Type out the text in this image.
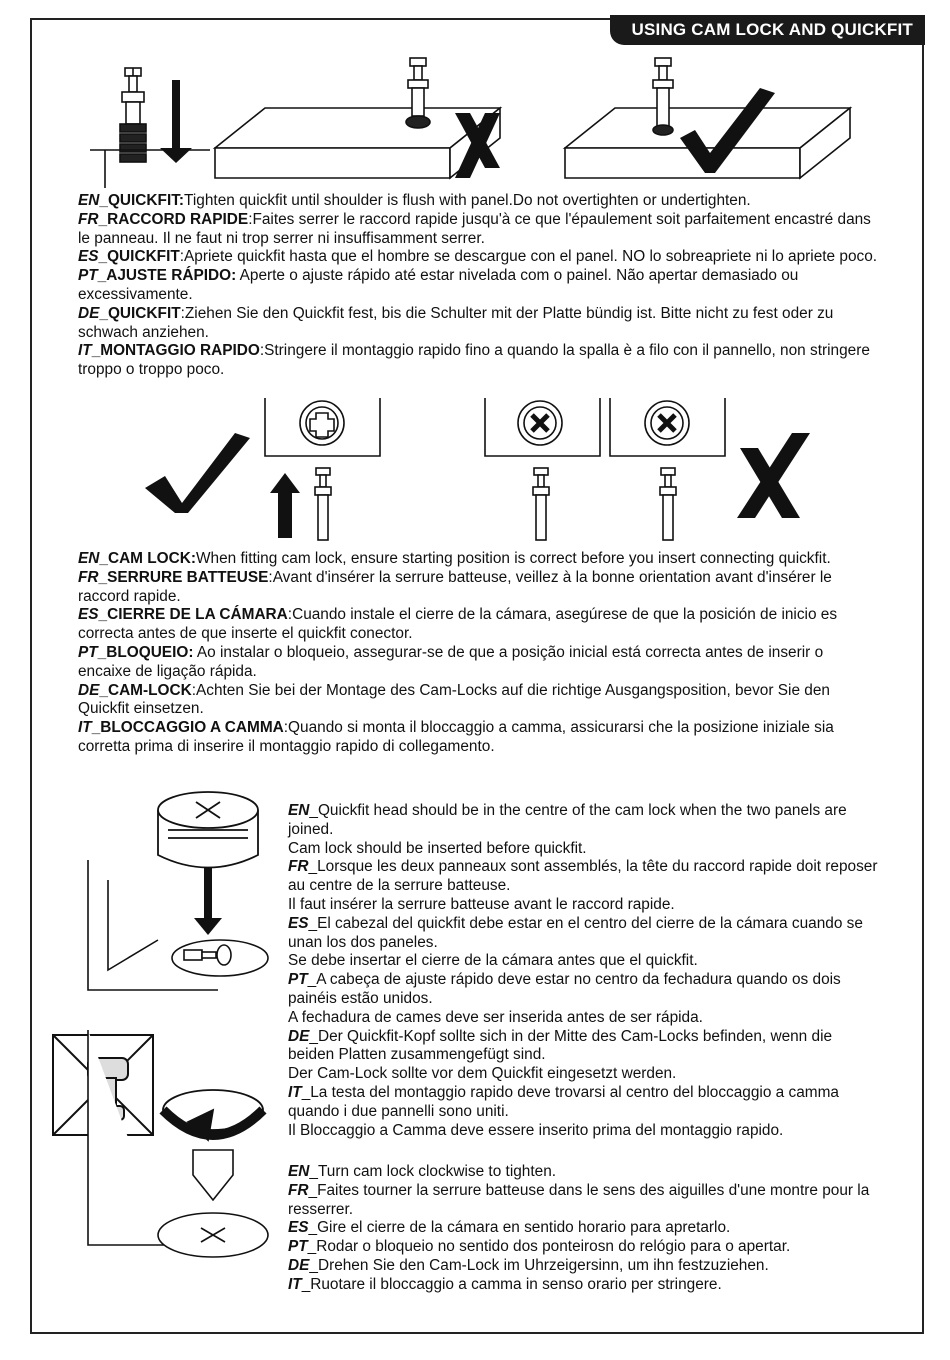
USING CAM LOCK AND QUICKFIT

EN_QUICKFIT:Tighten quickfit until shoulder is flush with panel.Do not overtighten or undertighten.

FR_RACCORD RAPIDE:Faites serrer le raccord rapide jusqu'à ce que l'épaulement soit parfaitement encastré dans le panneau. Il ne faut ni trop serrer ni insuffisamment serrer.

ES_QUICKFIT:Apriete quickfit hasta que el hombre se descargue con el panel. NO lo sobreapriete ni lo apriete poco.

PT_AJUSTE RÁPIDO: Aperte o ajuste rápido até estar nivelada com o painel. Não apertar demasiado ou excessivamente.

DE_QUICKFIT:Ziehen Sie den Quickfit fest, bis die Schulter mit der Platte bündig ist. Bitte nicht zu fest oder zu schwach anziehen.

IT_MONTAGGIO RAPIDO:Stringere il montaggio rapido fino a quando la spalla è a filo con il pannello, non stringere troppo o troppo poco.

EN_CAM LOCK:When fitting cam lock, ensure starting position is correct before you insert connecting quickfit.

FR_SERRURE BATTEUSE:Avant d'insérer la serrure batteuse, veillez à la bonne orientation avant d'insérer le raccord rapide.

ES_CIERRE DE LA CÁMARA:Cuando instale el cierre de la cámara, asegúrese de que la posición de inicio es correcta antes de que inserte el quickfit conector.

PT_BLOQUEIO: Ao instalar o bloqueio, assegurar-se de que a posição inicial está correcta antes de inserir o encaixe de ligação rápida.

DE_CAM-LOCK:Achten Sie bei der Montage des Cam-Locks auf die richtige Ausgangsposition, bevor Sie den Quickfit einsetzen.

IT_BLOCCAGGIO A CAMMA:Quando si monta il bloccaggio a camma, assicurarsi che la posizione iniziale sia corretta prima di inserire il montaggio rapido di collegamento.

EN_Quickfit head should be in the centre of the cam lock when the two panels are joined.

Cam lock should be inserted before quickfit.

FR_Lorsque les deux panneaux sont assemblés, la tête du raccord rapide doit reposer au centre de la serrure batteuse.

Il faut insérer la serrure batteuse avant le raccord rapide.

ES_El cabezal del quickfit debe estar en el centro del cierre de la cámara cuando se unan los dos paneles.

Se debe insertar el cierre de la cámara antes que el quickfit.

PT_A cabeça de ajuste rápido deve estar no centro da fechadura quando os dois painéis estão unidos.

A fechadura de cames deve ser inserida antes de ser rápida.

DE_Der Quickfit-Kopf sollte sich in der Mitte des Cam-Locks befinden, wenn die beiden Platten zusammengefügt sind.

Der Cam-Lock sollte vor dem Quickfit eingesetzt werden.

IT_La testa del montaggio rapido deve trovarsi al centro del bloccaggio a camma quando i due pannelli sono uniti.

Il Bloccaggio a Camma deve essere inserito prima del montaggio rapido.

EN_Turn cam lock clockwise to tighten.

FR_Faites tourner la serrure batteuse dans le sens des aiguilles d'une montre pour la resserrer.

ES_Gire el cierre de la cámara en sentido horario para apretarlo.

PT_Rodar o bloqueio no sentido dos ponteirosn do relógio para o apertar.

DE_Drehen Sie den Cam-Lock im Uhrzeigersinn, um ihn festzuziehen.

IT_Ruotare il bloccaggio a camma in senso orario per stringere.
